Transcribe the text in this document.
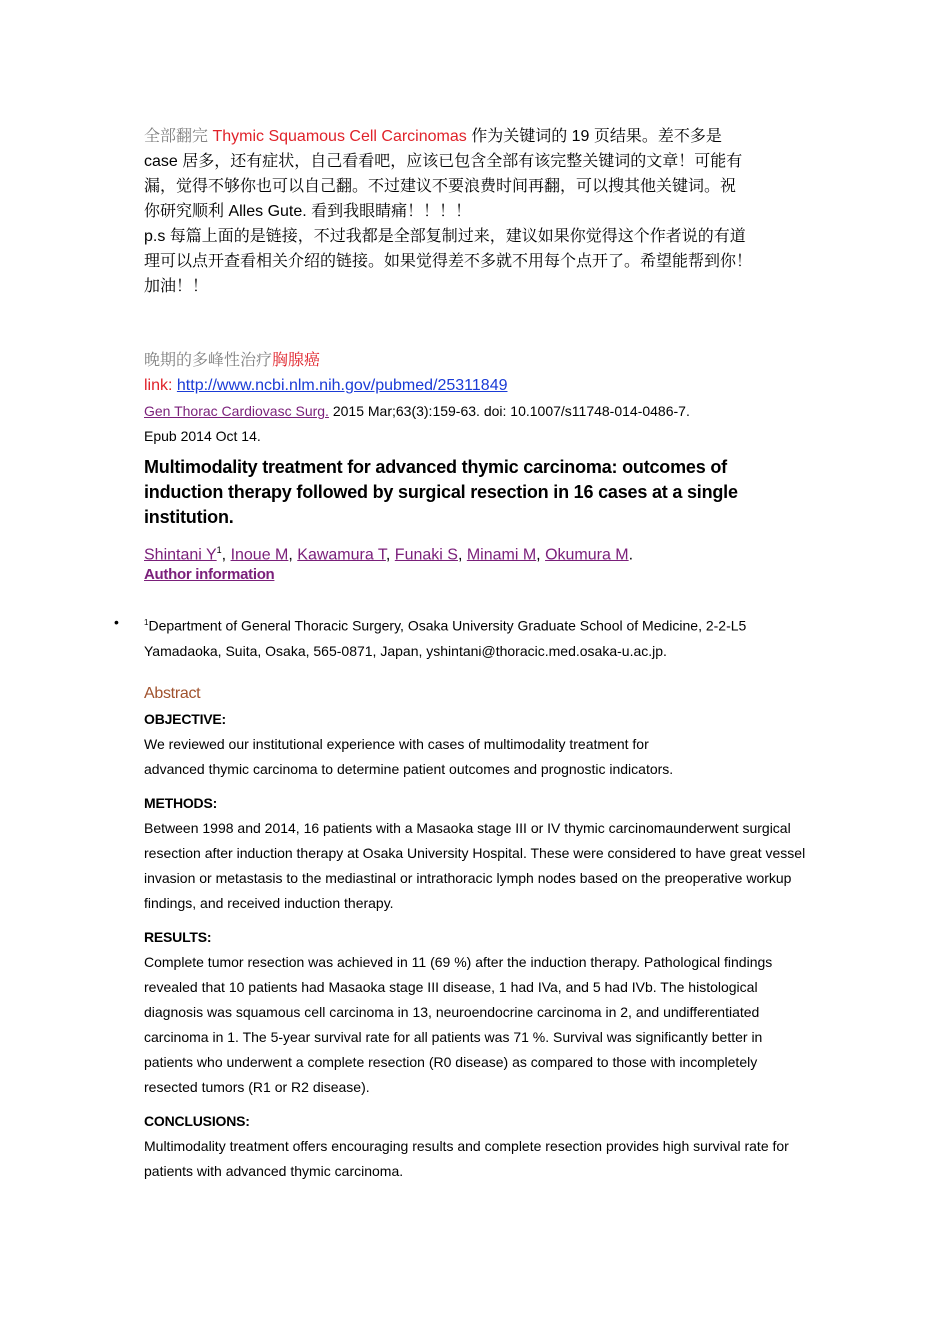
全部翻完 Thymic Squamous Cell Carcinomas 作为关键词的 19 页结果。差不多是

case 居多，还有症状，自己看看吧，应该已包含全部有该完整关键词的文章！可能有

漏，觉得不够你也可以自己翻。不过建议不要浪费时间再翻，可以搜其他关键词。祝

你研究顺利 Alles Gute. 看到我眼睛痛！！！！

p.s 每篇上面的是链接，不过我都是全部复制过来，建议如果你觉得这个作者说的有道

理可以点开查看相关介绍的链接。如果觉得差不多就不用每个点开了。希望能帮到你！

加油！！

晚期的多峰性治疗胸腺癌
link: http://www.ncbi.nlm.nih.gov/pubmed/25311849
Gen Thorac Cardiovasc Surg. 2015 Mar;63(3):159-63. doi: 10.1007/s11748-014-0486-7.
Epub 2014 Oct 14.
Multimodality treatment for advanced thymic carcinoma: outcomes of induction therapy followed by surgical resection in 16 cases at a single institution.
Shintani $Y^1$, Inoue M, Kawamura T, Funaki S, Minami M, Okumura M.
Author information
•	$^1$Department of General Thoracic Surgery, Osaka University Graduate School of Medicine, 2-2-L5 Yamadaoka, Suita, Osaka, 565-0871, Japan, yshintani@thoracic.med.osaka-u.ac.jp.
Abstract
OBJECTIVE:
We reviewed our institutional experience with cases of multimodality treatment for
advanced thymic carcinoma to determine patient outcomes and prognostic indicators.
METHODS:
Between 1998 and 2014, 16 patients with a Masaoka stage III or IV thymic carcinomaunderwent surgical resection after induction therapy at Osaka University Hospital. These were considered to have great vessel invasion or metastasis to the mediastinal or intrathoracic lymph nodes based on the preoperative workup findings, and received induction therapy.
RESULTS:
Complete tumor resection was achieved in 11 (69 %) after the induction therapy. Pathological findings revealed that 10 patients had Masaoka stage III disease, 1 had IVa, and 5 had IVb. The histological diagnosis was squamous cell carcinoma in 13, neuroendocrine carcinoma in 2, and undifferentiated carcinoma in 1. The 5-year survival rate for all patients was 71 %. Survival was significantly better in patients who underwent a complete resection (R0 disease) as compared to those with incompletely resected tumors (R1 or R2 disease).
CONCLUSIONS:
Multimodality treatment offers encouraging results and complete resection provides high survival rate for patients with advanced thymic carcinoma.
